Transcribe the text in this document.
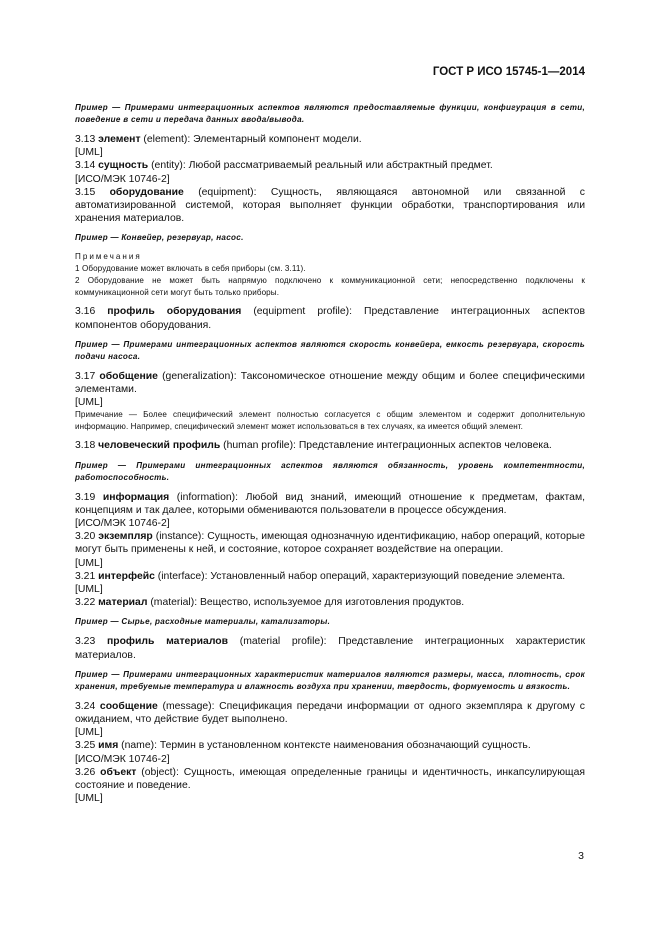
ГОСТ Р ИСО 15745-1—2014
Пример — Примерами интеграционных аспектов являются предоставляемые функции, конфигурация в сети, поведение в сети и передача данных ввода/вывода.
3.13 элемент (element): Элементарный компонент модели.
[UML]
3.14 сущность (entity): Любой рассматриваемый реальный или абстрактный предмет.
[ИСО/МЭК 10746-2]
3.15 оборудование (equipment): Сущность, являющаяся автономной или связанной с автоматизированной системой, которая выполняет функции обработки, транспортирования или хранения материалов.
Пример — Конвейер, резервуар, насос.
Примечания
1 Оборудование может включать в себя приборы (см. 3.11).
2 Оборудование не может быть напрямую подключено к коммуникационной сети; непосредственно подключены к коммуникационной сети могут быть только приборы.
3.16 профиль оборудования (equipment profile): Представление интеграционных аспектов компонентов оборудования.
Пример — Примерами интеграционных аспектов являются скорость конвейера, емкость резервуара, скорость подачи насоса.
3.17 обобщение (generalization): Таксономическое отношение между общим и более специфическими элементами.
[UML]
Примечание — Более специфический элемент полностью согласуется с общим элементом и содержит дополнительную информацию. Например, специфический элемент может использоваться в тех случаях, ка имеется общий элемент.
3.18 человеческий профиль (human profile): Представление интеграционных аспектов человека.
Пример — Примерами интеграционных аспектов являются обязанность, уровень компетентности, работоспособность.
3.19 информация (information): Любой вид знаний, имеющий отношение к предметам, фактам, концепциям и так далее, которыми обмениваются пользователи в процессе обсуждения.
[ИСО/МЭК 10746-2]
3.20 экземпляр (instance): Сущность, имеющая однозначную идентификацию, набор операций, которые могут быть применены к ней, и состояние, которое сохраняет воздействие на операции.
[UML]
3.21 интерфейс (interface): Установленный набор операций, характеризующий поведение элемента.
[UML]
3.22 материал (material): Вещество, используемое для изготовления продуктов.
Пример — Сырье, расходные материалы, катализаторы.
3.23 профиль материалов (material profile): Представление интеграционных характеристик материалов.
Пример — Примерами интеграционных характеристик материалов являются размеры, масса, плотность, срок хранения, требуемые температура и влажность воздуха при хранении, твердость, формуемость и вязкость.
3.24 сообщение (message): Спецификация передачи информации от одного экземпляра к другому с ожиданием, что действие будет выполнено.
[UML]
3.25 имя (name): Термин в установленном контексте наименования обозначающий сущность.
[ИСО/МЭК 10746-2]
3.26 объект (object): Сущность, имеющая определенные границы и идентичность, инкапсулирующая состояние и поведение.
[UML]
3
